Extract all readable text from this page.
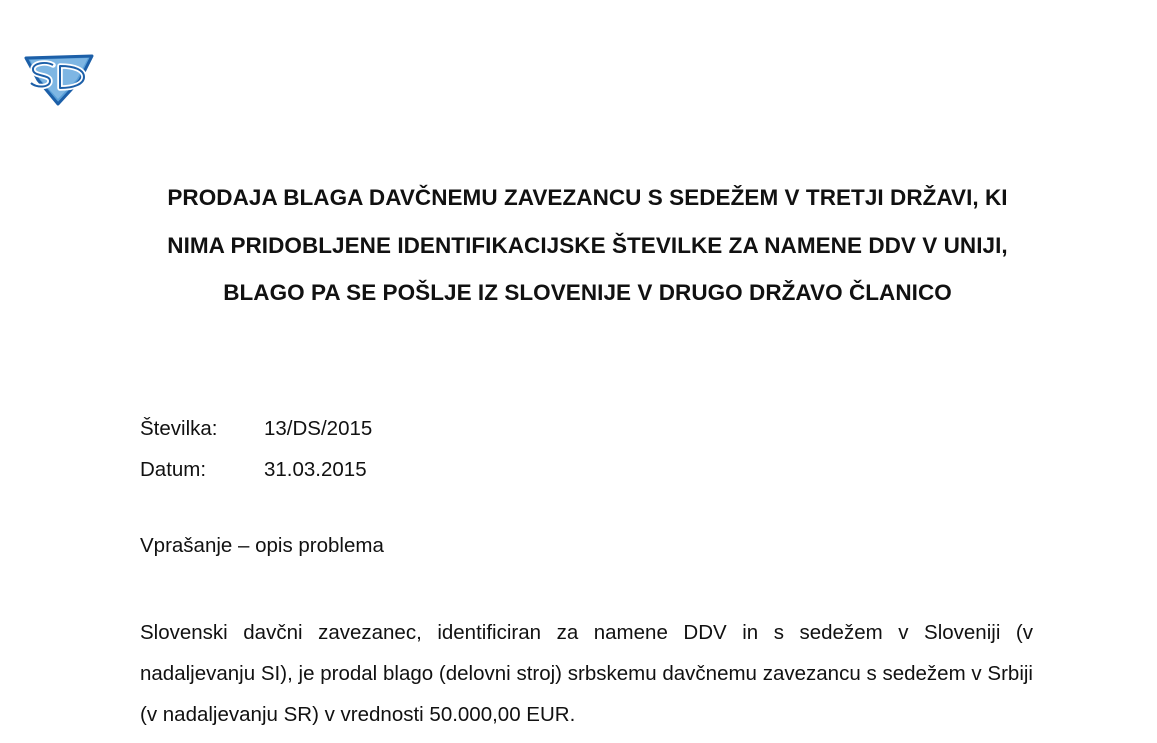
PRODAJA BLAGA DAVČNEMU ZAVEZANCU S SEDEŽEM V TRETJI DRŽAVI, KI NIMA PRIDOBLJENE IDENTIFIKACIJSKE ŠTEVILKE ZA NAMENE DDV V UNIJI, BLAGO PA SE POŠLJE IZ SLOVENIJE V DRUGO DRŽAVO ČLANICO
Številka:	13/DS/2015
Datum:	31.03.2015
Vprašanje – opis problema
Slovenski davčni zavezanec, identificiran za namene DDV in s sedežem v Sloveniji (v nadaljevanju SI), je prodal blago (delovni stroj) srbskemu davčnemu zavezancu s sedežem v Srbiji (v nadaljevanju SR) v vrednosti 50.000,00 EUR.
